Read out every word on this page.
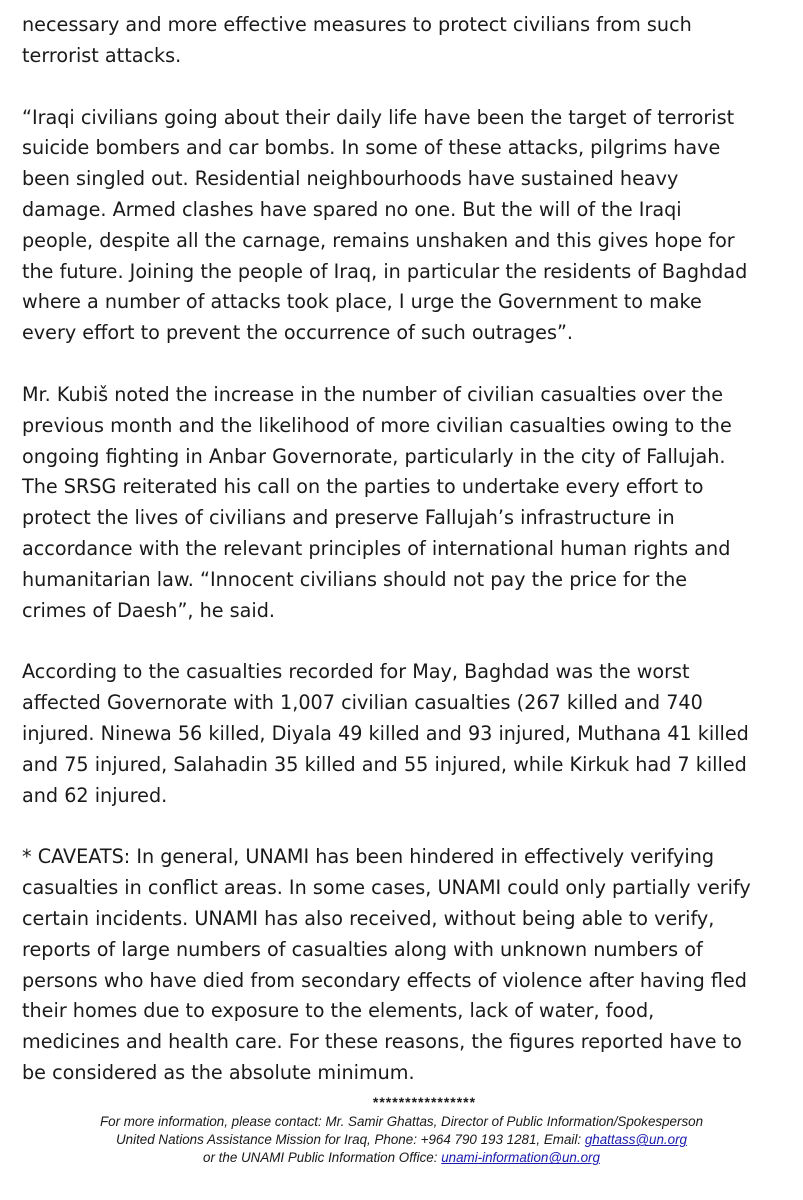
necessary and more effective measures to protect civilians from such
terrorist attacks.

“Iraqi civilians going about their daily life have been the target of terrorist
suicide bombers and car bombs. In some of these attacks, pilgrims have
been singled out. Residential neighbourhoods have sustained heavy
damage. Armed clashes have spared no one. But the will of the Iraqi
people, despite all the carnage, remains unshaken and this gives hope for
the future. Joining the people of Iraq, in particular the residents of Baghdad
where a number of attacks took place, I urge the Government to make
every effort to prevent the occurrence of such outrages”.

Mr. Kubiš noted the increase in the number of civilian casualties over the
previous month and the likelihood of more civilian casualties owing to the
ongoing fighting in Anbar Governorate, particularly in the city of Fallujah.
The SRSG reiterated his call on the parties to undertake every effort to
protect the lives of civilians and preserve Fallujah’s infrastructure in
accordance with the relevant principles of international human rights and
humanitarian law. “Innocent civilians should not pay the price for the
crimes of Daesh”, he said.

According to the casualties recorded for May, Baghdad was the worst
affected Governorate with 1,007 civilian casualties (267 killed and 740
injured. Ninewa 56 killed, Diyala 49 killed and 93 injured, Muthana 41 killed
and 75 injured, Salahadin 35 killed and 55 injured, while Kirkuk had 7 killed
and 62 injured.

* CAVEATS: In general, UNAMI has been hindered in effectively verifying
casualties in conflict areas. In some cases, UNAMI could only partially verify
certain incidents. UNAMI has also received, without being able to verify,
reports of large numbers of casualties along with unknown numbers of
persons who have died from secondary effects of violence after having fled
their homes due to exposure to the elements, lack of water, food,
medicines and health care. For these reasons, the figures reported have to
be considered as the absolute minimum.

****************
For more information, please contact: Mr. Samir Ghattas, Director of Public Information/Spokesperson
United Nations Assistance Mission for Iraq, Phone: +964 790 193 1281, Email: ghattass@un.org
or the UNAMI Public Information Office: unami-information@un.org
